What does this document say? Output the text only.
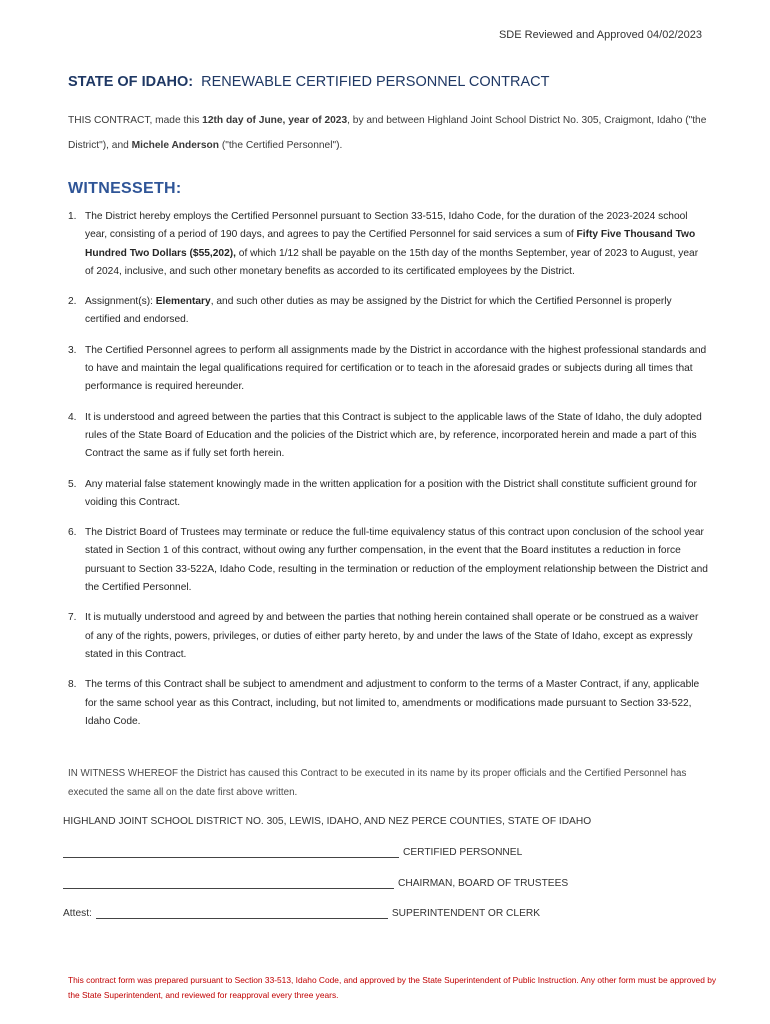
SDE Reviewed and Approved 04/02/2023
STATE OF IDAHO: RENEWABLE CERTIFIED PERSONNEL CONTRACT

THIS CONTRACT, made this 12th day of June, year of 2023, by and between Highland Joint School District No. 305, Craigmont, Idaho ("the District"), and Michele Anderson ("the Certified Personnel").

WITNESSETH:
1. The District hereby employs the Certified Personnel pursuant to Section 33-515, Idaho Code, for the duration of the 2023-2024 school year, consisting of a period of 190 days, and agrees to pay the Certified Personnel for said services a sum of Fifty Five Thousand Two Hundred Two Dollars ($55,202), of which 1/12 shall be payable on the 15th day of the months September, year of 2023 to August, year of 2024, inclusive, and such other monetary benefits as accorded to its certificated employees by the District.
2. Assignment(s): Elementary, and such other duties as may be assigned by the District for which the Certified Personnel is properly certified and endorsed.
3. The Certified Personnel agrees to perform all assignments made by the District in accordance with the highest professional standards and to have and maintain the legal qualifications required for certification or to teach in the aforesaid grades or subjects during all times that performance is required hereunder.
4. It is understood and agreed between the parties that this Contract is subject to the applicable laws of the State of Idaho, the duly adopted rules of the State Board of Education and the policies of the District which are, by reference, incorporated herein and made a part of this Contract the same as if fully set forth herein.
5. Any material false statement knowingly made in the written application for a position with the District shall constitute sufficient ground for voiding this Contract.
6. The District Board of Trustees may terminate or reduce the full-time equivalency status of this contract upon conclusion of the school year stated in Section 1 of this contract, without owing any further compensation, in the event that the Board institutes a reduction in force pursuant to Section 33-522A, Idaho Code, resulting in the termination or reduction of the employment relationship between the District and the Certified Personnel.
7. It is mutually understood and agreed by and between the parties that nothing herein contained shall operate or be construed as a waiver of any of the rights, powers, privileges, or duties of either party hereto, by and under the laws of the State of Idaho, except as expressly stated in this Contract.
8. The terms of this Contract shall be subject to amendment and adjustment to conform to the terms of a Master Contract, if any, applicable for the same school year as this Contract, including, but not limited to, amendments or modifications made pursuant to Section 33-522, Idaho Code.

IN WITNESS WHEREOF the District has caused this Contract to be executed in its name by its proper officials and the Certified Personnel has executed the same all on the date first above written.

HIGHLAND JOINT SCHOOL DISTRICT NO. 305, LEWIS, IDAHO, AND NEZ PERCE COUNTIES, STATE OF IDAHO

CERTIFIED PERSONNEL
CHAIRMAN, BOARD OF TRUSTEES
Attest:	SUPERINTENDENT OR CLERK

This contract form was prepared pursuant to Section 33-513, Idaho Code, and approved by the State Superintendent of Public Instruction. Any other form must be approved by the State Superintendent, and reviewed for reapproval every three years.
